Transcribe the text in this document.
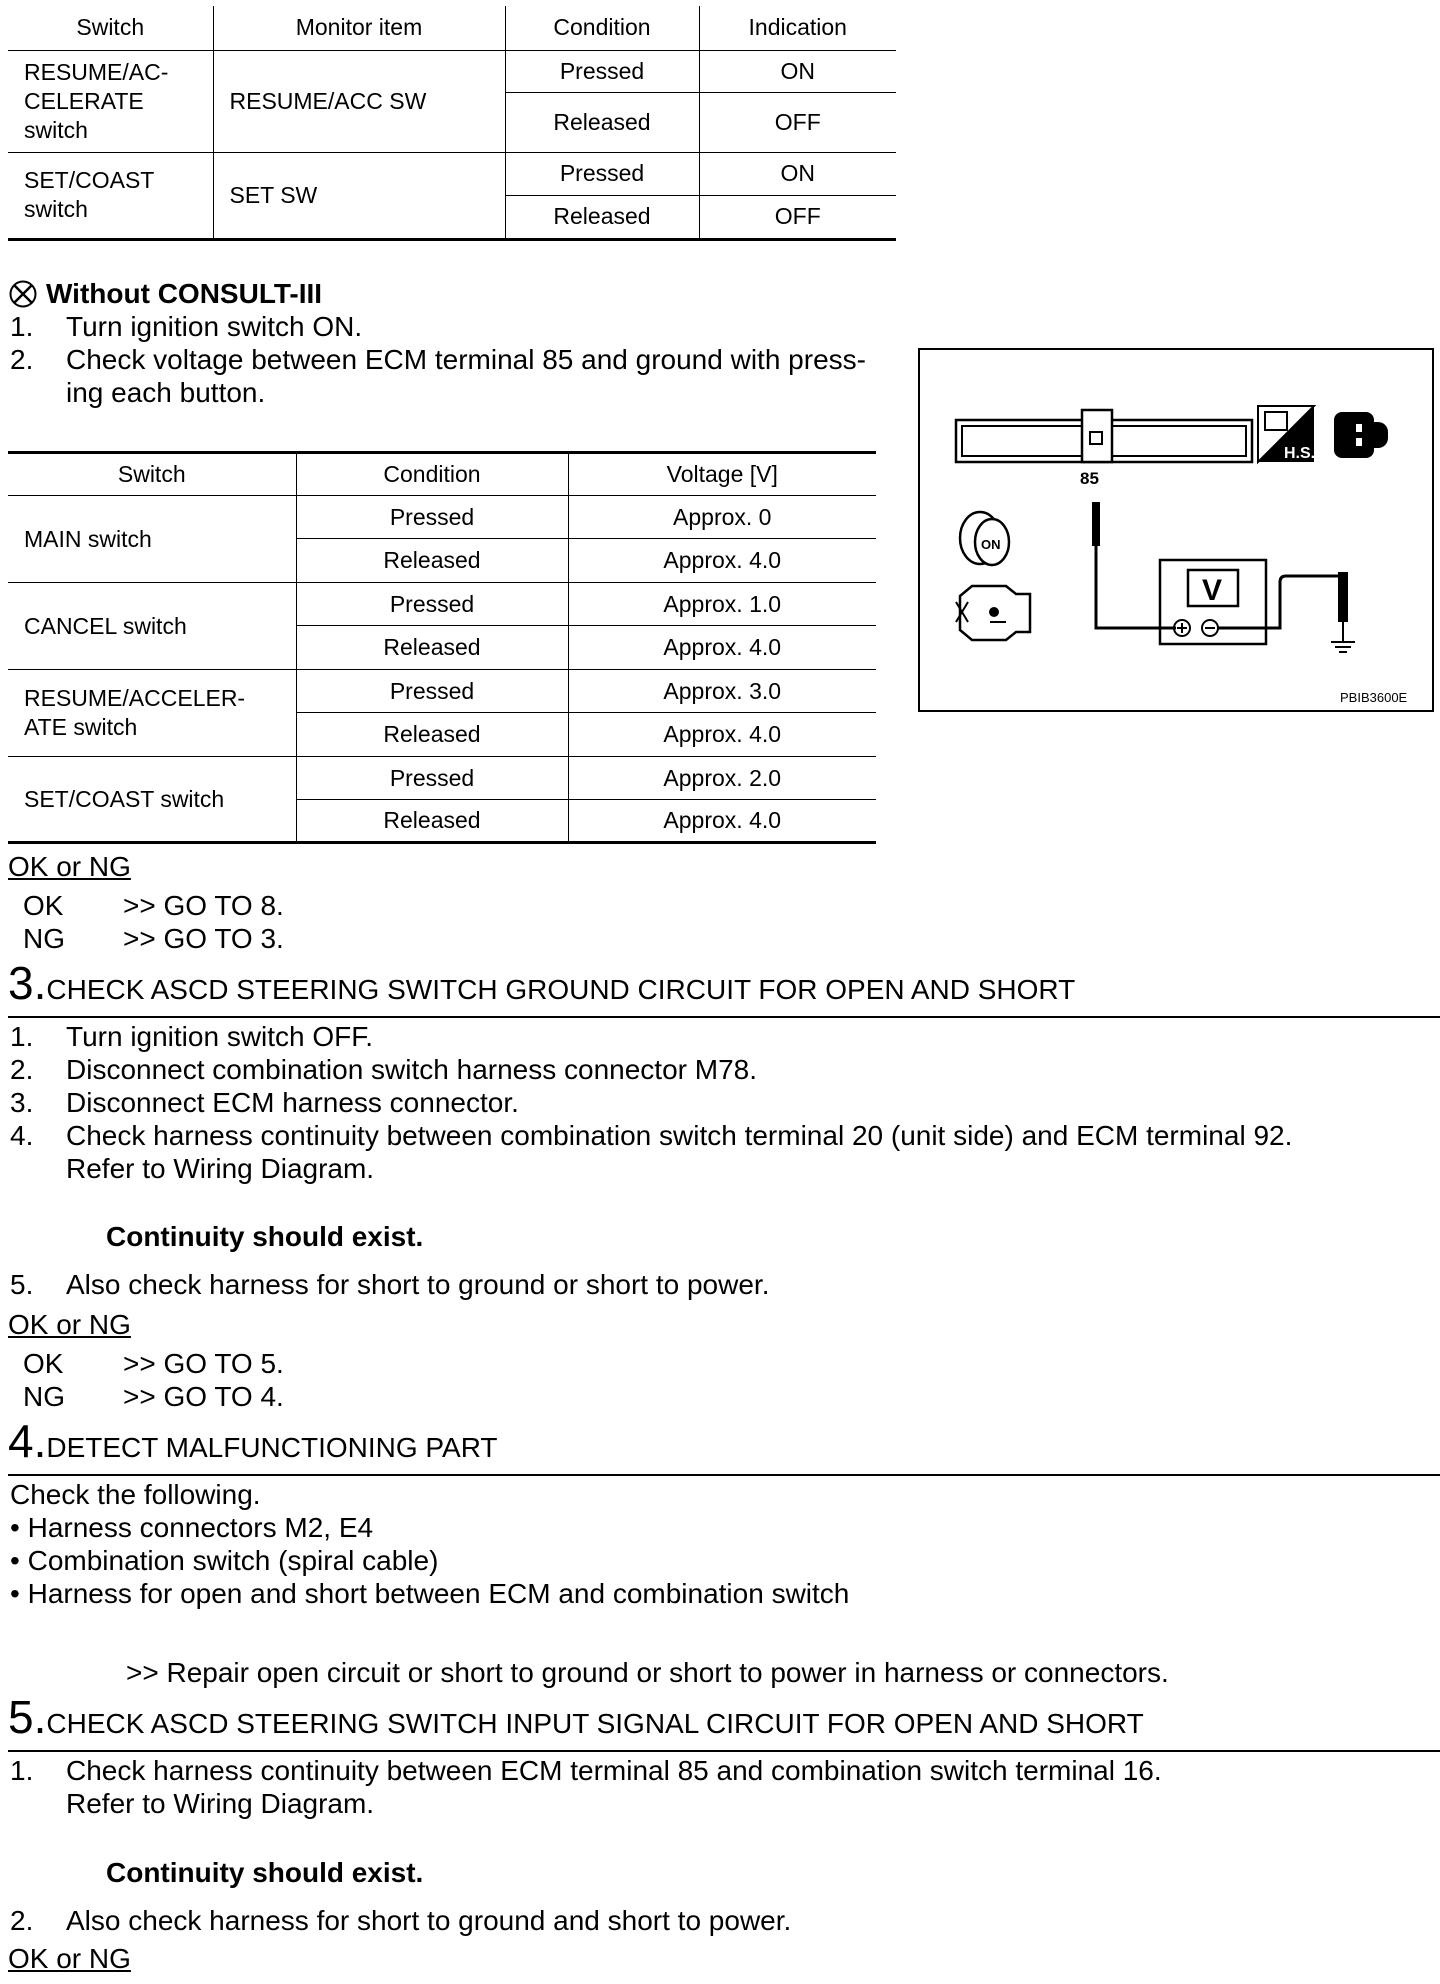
Switch	Monitor item	Condition	Indication
RESUME/AC-
CELERATE
switch	RESUME/ACC SW	Pressed	ON
		Released	OFF
SET/COAST
switch	SET SW	Pressed	ON
		Released	OFF
Without CONSULT-III
1.	Turn ignition switch ON.
2.	Check voltage between ECM terminal 85 and ground with press-
ing each button.
Switch	Condition	Voltage [V]
MAIN switch	Pressed	Approx. 0
	Released	Approx. 4.0
CANCEL switch	Pressed	Approx. 1.0
	Released	Approx. 4.0
RESUME/ACCELER-
ATE switch	Pressed	Approx. 3.0
	Released	Approx. 4.0
SET/COAST switch	Pressed	Approx. 2.0
	Released	Approx. 4.0
85
V
H.S.
ON
PBIB3600E
OK or NG
OK	>> GO TO 8.
NG	>> GO TO 3.
3.CHECK ASCD STEERING SWITCH GROUND CIRCUIT FOR OPEN AND SHORT
1.	Turn ignition switch OFF.
2.	Disconnect combination switch harness connector M78.
3.	Disconnect ECM harness connector.
4.	Check harness continuity between combination switch terminal 20 (unit side) and ECM terminal 92.
Refer to Wiring Diagram.
Continuity should exist.
5.	Also check harness for short to ground or short to power.
OK or NG
OK	>> GO TO 5.
NG	>> GO TO 4.
4.DETECT MALFUNCTIONING PART
Check the following.
• Harness connectors M2, E4
• Combination switch (spiral cable)
• Harness for open and short between ECM and combination switch
>> Repair open circuit or short to ground or short to power in harness or connectors.
5.CHECK ASCD STEERING SWITCH INPUT SIGNAL CIRCUIT FOR OPEN AND SHORT
1.	Check harness continuity between ECM terminal 85 and combination switch terminal 16.
Refer to Wiring Diagram.
Continuity should exist.
2.	Also check harness for short to ground and short to power.
OK or NG
